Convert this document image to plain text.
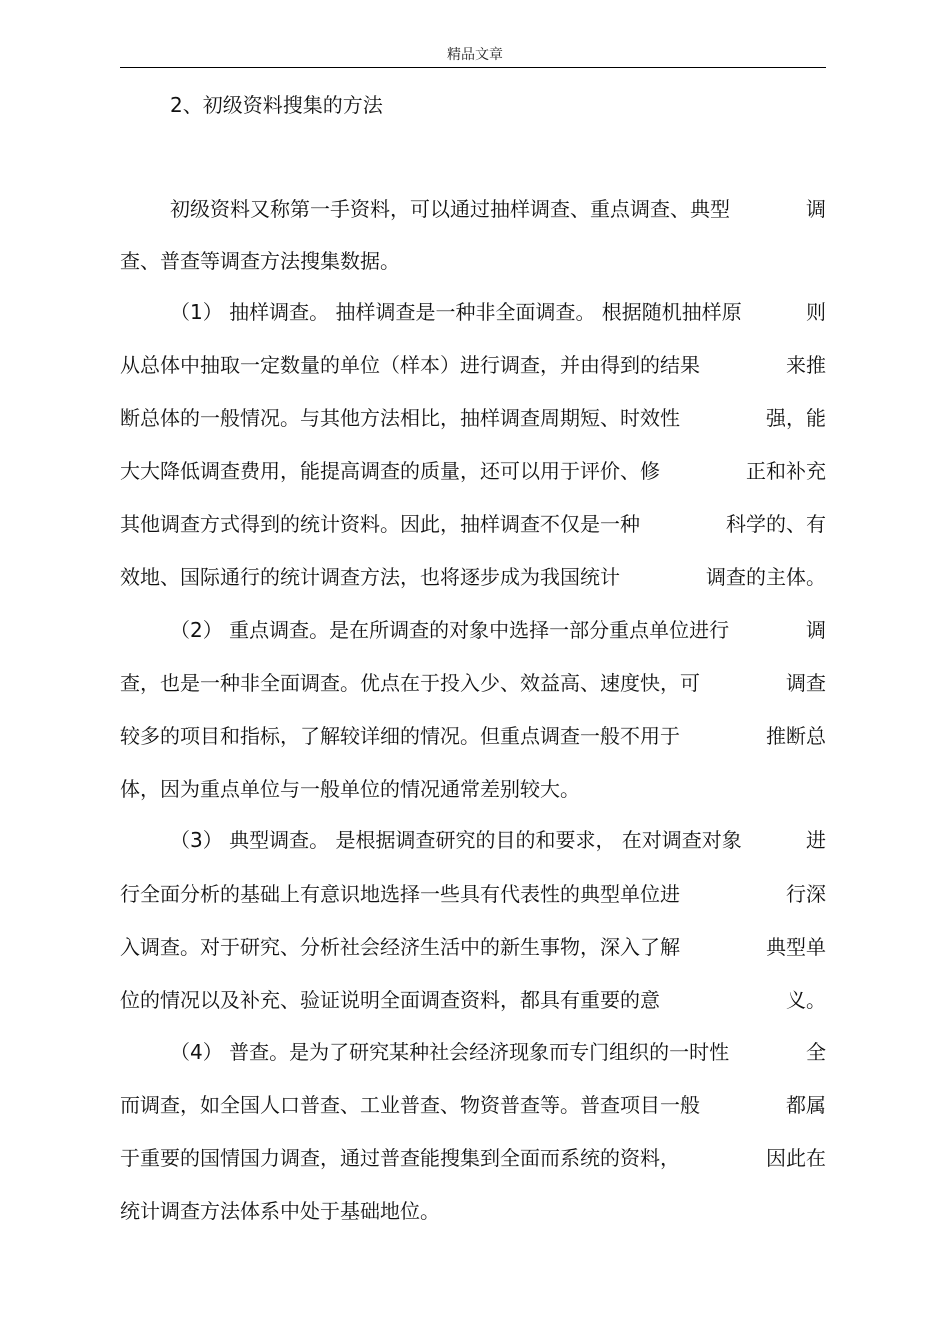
精品文章
2、初级资料搜集的方法
初级资料又称第一手资料，可以通过抽样调查、重点调查、典型	调
查、普查等调查方法搜集数据。
（1） 抽样调查。 抽样调查是一种非全面调查。 根据随机抽样原	则
从总体中抽取一定数量的单位（样本）进行调查，并由得到的结果	来推
断总体的一般情况。与其他方法相比，抽样调查周期短、时效性	强，能
大大降低调查费用，能提高调查的质量，还可以用于评价、修	正和补充
其他调查方式得到的统计资料。因此，抽样调查不仅是一种	科学的、有
效地、国际通行的统计调查方法，也将逐步成为我国统计	调查的主体。
（2） 重点调查。是在所调查的对象中选择一部分重点单位进行	调
查，也是一种非全面调查。优点在于投入少、效益高、速度快，可	调查
较多的项目和指标，了解较详细的情况。但重点调查一般不用于	推断总
体，因为重点单位与一般单位的情况通常差别较大。
（3） 典型调查。 是根据调查研究的目的和要求， 在对调查对象	进
行全面分析的基础上有意识地选择一些具有代表性的典型单位进	行深
入调查。对于研究、分析社会经济生活中的新生事物，深入了解	典型单
位的情况以及补充、验证说明全面调查资料，都具有重要的意	义。
（4） 普查。是为了研究某种社会经济现象而专门组织的一时性	全
而调查，如全国人口普查、工业普查、物资普查等。普查项目一般	都属
于重要的国情国力调查，通过普查能搜集到全面而系统的资料，	因此在
统计调查方法体系中处于基础地位。
